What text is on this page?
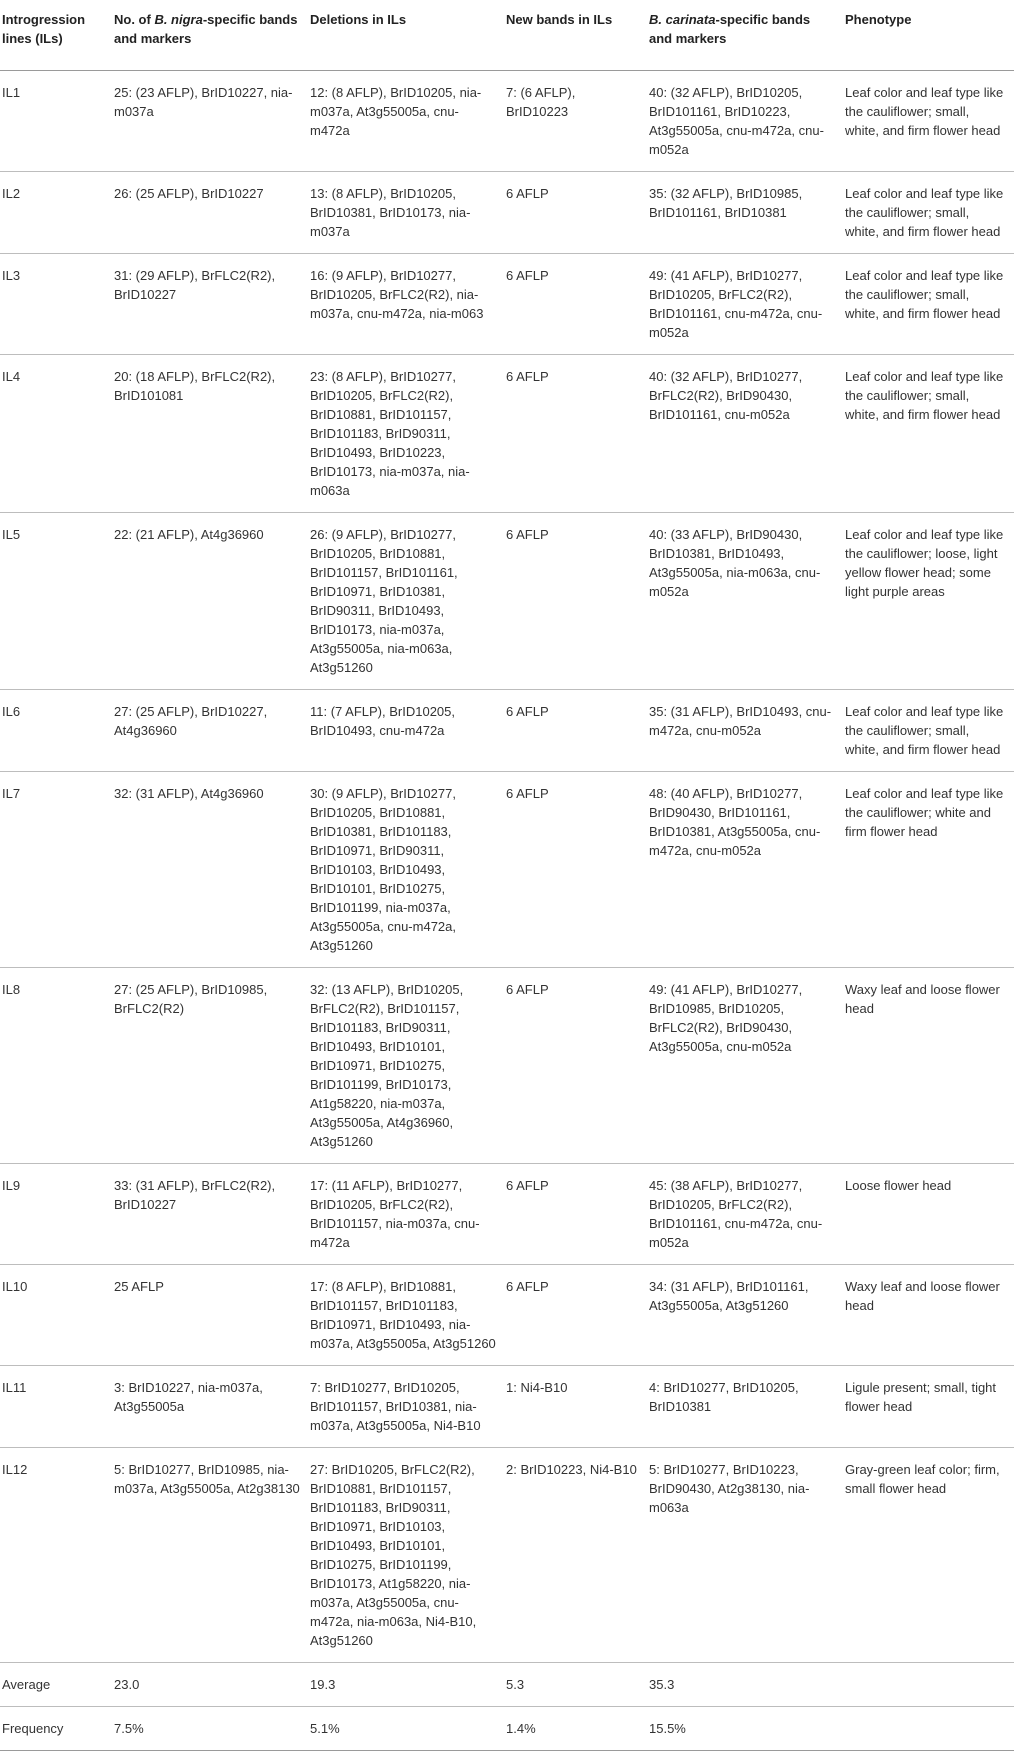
Introgression lines (ILs)	No. of B. nigra-specific bands and markers	Deletions in ILs	New bands in ILs	B. carinata-specific bands and markers	Phenotype
IL1	25: (23 AFLP), BrID10227, nia-m037a	12: (8 AFLP), BrID10205, nia-m037a, At3g55005a, cnu-m472a	7: (6 AFLP), BrID10223	40: (32 AFLP), BrID10205, BrID101161, BrID10223, At3g55005a, cnu-m472a, cnu-m052a	Leaf color and leaf type like the cauliflower; small, white, and firm flower head
IL2	26: (25 AFLP), BrID10227	13: (8 AFLP), BrID10205, BrID10381, BrID10173, nia-m037a	6 AFLP	35: (32 AFLP), BrID10985, BrID101161, BrID10381	Leaf color and leaf type like the cauliflower; small, white, and firm flower head
IL3	31: (29 AFLP), BrFLC2(R2), BrID10227	16: (9 AFLP), BrID10277, BrID10205, BrFLC2(R2), nia-m037a, cnu-m472a, nia-m063	6 AFLP	49: (41 AFLP), BrID10277, BrID10205, BrFLC2(R2), BrID101161, cnu-m472a, cnu-m052a	Leaf color and leaf type like the cauliflower; small, white, and firm flower head
IL4	20: (18 AFLP), BrFLC2(R2), BrID101081	23: (8 AFLP), BrID10277, BrID10205, BrFLC2(R2), BrID10881, BrID101157, BrID101183, BrID90311, BrID10493, BrID10223, BrID10173, nia-m037a, nia-m063a	6 AFLP	40: (32 AFLP), BrID10277, BrFLC2(R2), BrID90430, BrID101161, cnu-m052a	Leaf color and leaf type like the cauliflower; small, white, and firm flower head
IL5	22: (21 AFLP), At4g36960	26: (9 AFLP), BrID10277, BrID10205, BrID10881, BrID101157, BrID101161, BrID10971, BrID10381, BrID90311, BrID10493, BrID10173, nia-m037a, At3g55005a, nia-m063a, At3g51260	6 AFLP	40: (33 AFLP), BrID90430, BrID10381, BrID10493, At3g55005a, nia-m063a, cnu-m052a	Leaf color and leaf type like the cauliflower; loose, light yellow flower head; some light purple areas
IL6	27: (25 AFLP), BrID10227, At4g36960	11: (7 AFLP), BrID10205, BrID10493, cnu-m472a	6 AFLP	35: (31 AFLP), BrID10493, cnu-m472a, cnu-m052a	Leaf color and leaf type like the cauliflower; small, white, and firm flower head
IL7	32: (31 AFLP), At4g36960	30: (9 AFLP), BrID10277, BrID10205, BrID10881, BrID10381, BrID101183, BrID10971, BrID90311, BrID10103, BrID10493, BrID10101, BrID10275, BrID101199, nia-m037a, At3g55005a, cnu-m472a, At3g51260	6 AFLP	48: (40 AFLP), BrID10277, BrID90430, BrID101161, BrID10381, At3g55005a, cnu-m472a, cnu-m052a	Leaf color and leaf type like the cauliflower; white and firm flower head
IL8	27: (25 AFLP), BrID10985, BrFLC2(R2)	32: (13 AFLP), BrID10205, BrFLC2(R2), BrID101157, BrID101183, BrID90311, BrID10493, BrID10101, BrID10971, BrID10275, BrID101199, BrID10173, At1g58220, nia-m037a, At3g55005a, At4g36960, At3g51260	6 AFLP	49: (41 AFLP), BrID10277, BrID10985, BrID10205, BrFLC2(R2), BrID90430, At3g55005a, cnu-m052a	Waxy leaf and loose flower head
IL9	33: (31 AFLP), BrFLC2(R2), BrID10227	17: (11 AFLP), BrID10277, BrID10205, BrFLC2(R2), BrID101157, nia-m037a, cnu-m472a	6 AFLP	45: (38 AFLP), BrID10277, BrID10205, BrFLC2(R2), BrID101161, cnu-m472a, cnu-m052a	Loose flower head
IL10	25 AFLP	17: (8 AFLP), BrID10881, BrID101157, BrID101183, BrID10971, BrID10493, nia-m037a, At3g55005a, At3g51260	6 AFLP	34: (31 AFLP), BrID101161, At3g55005a, At3g51260	Waxy leaf and loose flower head
IL11	3: BrID10227, nia-m037a, At3g55005a	7: BrID10277, BrID10205, BrID101157, BrID10381, nia-m037a, At3g55005a, Ni4-B10	1: Ni4-B10	4: BrID10277, BrID10205, BrID10381	Ligule present; small, tight flower head
IL12	5: BrID10277, BrID10985, nia-m037a, At3g55005a, At2g38130	27: BrID10205, BrFLC2(R2), BrID10881, BrID101157, BrID101183, BrID90311, BrID10971, BrID10103, BrID10493, BrID10101, BrID10275, BrID101199, BrID10173, At1g58220, nia-m037a, At3g55005a, cnu-m472a, nia-m063a, Ni4-B10, At3g51260	2: BrID10223, Ni4-B10	5: BrID10277, BrID10223, BrID90430, At2g38130, nia-m063a	Gray-green leaf color; firm, small flower head
Average	23.0	19.3	5.3	35.3	
Frequency	7.5%	5.1%	1.4%	15.5%	
